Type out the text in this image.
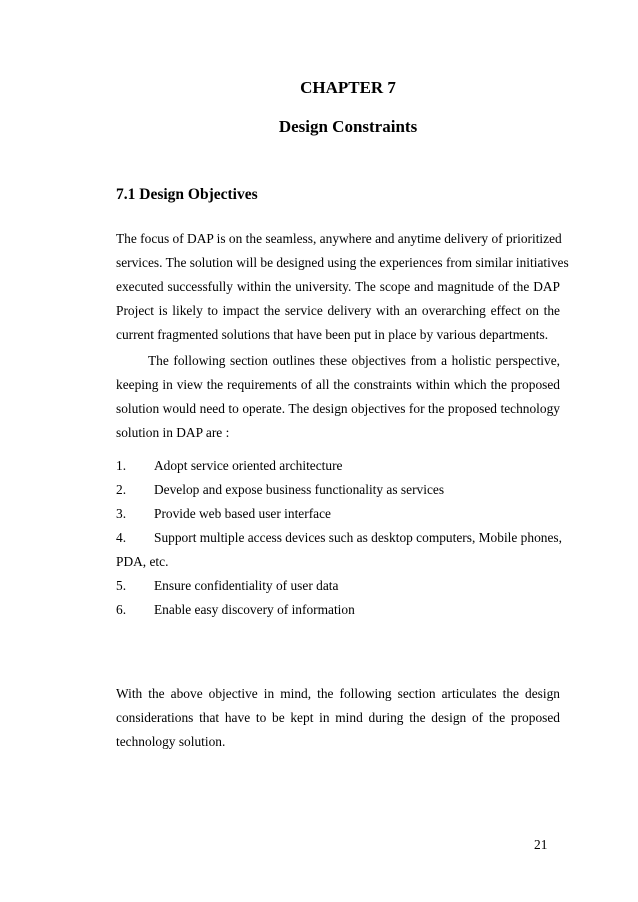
CHAPTER 7
Design Constraints
7.1 Design Objectives

The focus of DAP is on the seamless, anywhere and anytime delivery of prioritized
services. The solution will be designed using the experiences from similar initiatives
executed successfully within the university. The scope and magnitude of the DAP
Project is likely to impact the service delivery with an overarching effect on the
current fragmented solutions that have been put in place by various departments.

The following section outlines these objectives from a holistic perspective,
keeping in view the requirements of all the constraints within which the proposed
solution would need to operate. The design objectives for the proposed technology
solution in DAP are :

1. Adopt service oriented architecture
2. Develop and expose business functionality as services
3. Provide web based user interface
4. Support multiple access devices such as desktop computers, Mobile phones,
PDA, etc.
5. Ensure confidentiality of user data
6. Enable easy discovery of information

With the above objective in mind, the following section articulates the design
considerations that have to be kept in mind during the design of the proposed
technology solution.

21
